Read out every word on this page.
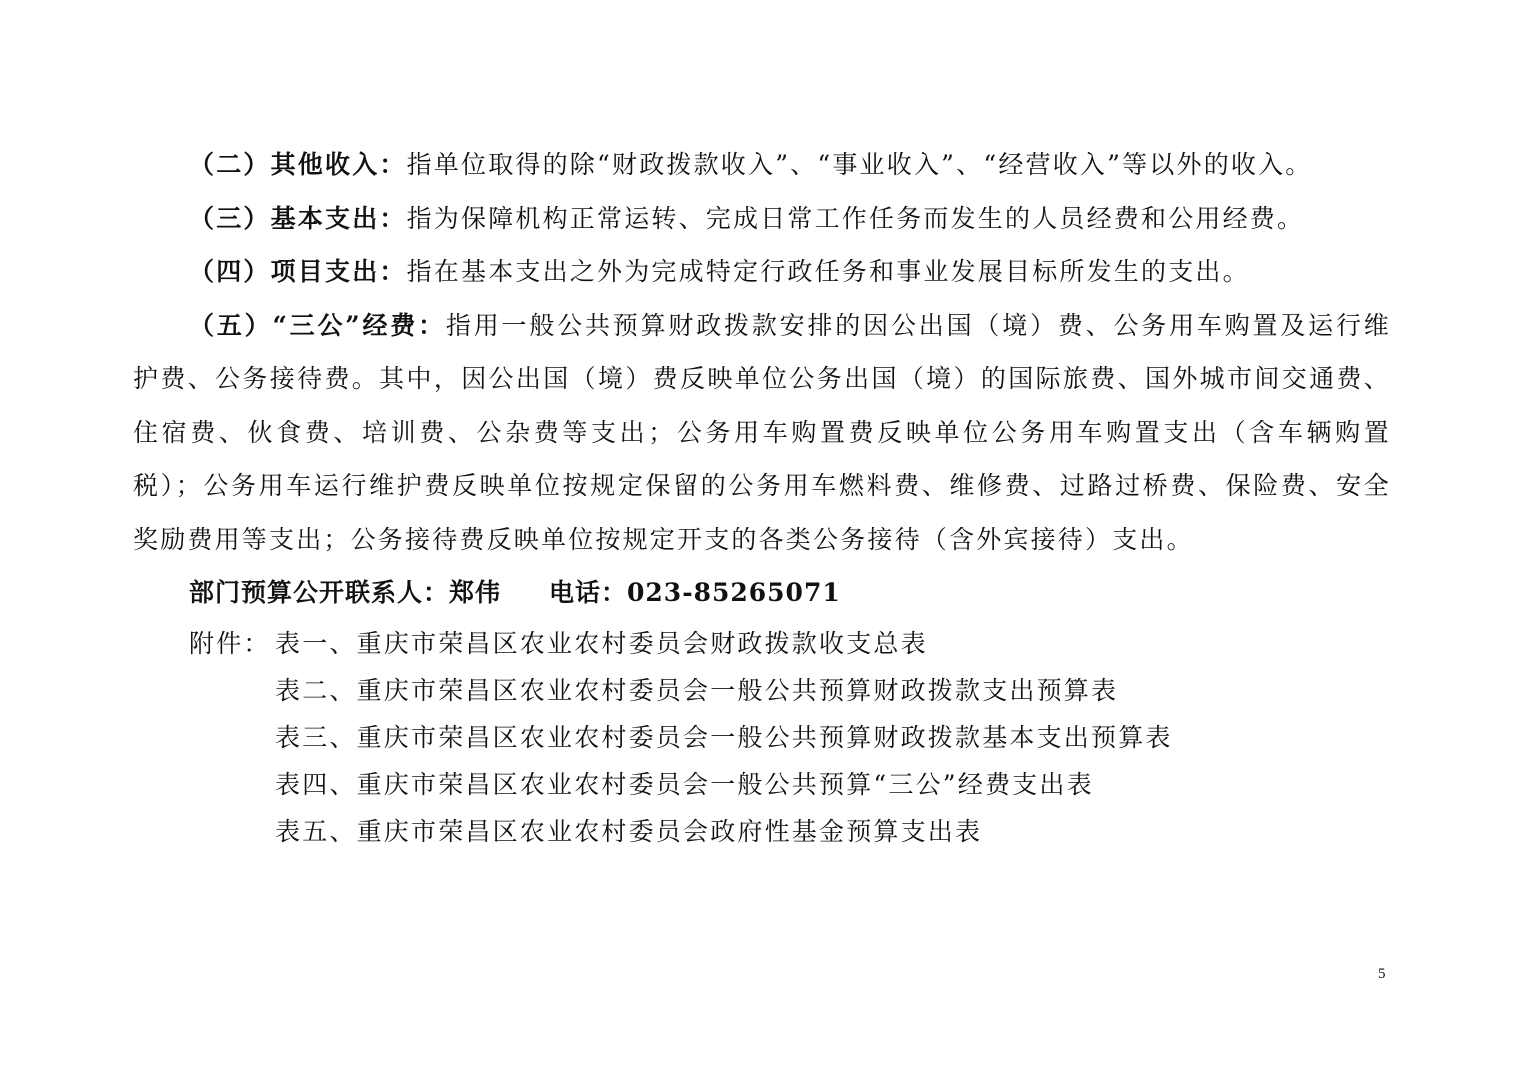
（二）其他收入：指单位取得的除“财政拨款收入”、“事业收入”、“经营收入”等以外的收入。

（三）基本支出：指为保障机构正常运转、完成日常工作任务而发生的人员经费和公用经费。

（四）项目支出：指在基本支出之外为完成特定行政任务和事业发展目标所发生的支出。

（五）“三公”经费：指用一般公共预算财政拨款安排的因公出国（境）费、公务用车购置及运行维护费、公务接待费。其中，因公出国（境）费反映单位公务出国（境）的国际旅费、国外城市间交通费、住宿费、伙食费、培训费、公杂费等支出；公务用车购置费反映单位公务用车购置支出（含车辆购置税）；公务用车运行维护费反映单位按规定保留的公务用车燃料费、维修费、过路过桥费、保险费、安全奖励费用等支出；公务接待费反映单位按规定开支的各类公务接待（含外宾接待）支出。

部门预算公开联系人：郑伟 电话：023-85265071

附件： 表一、重庆市荣昌区农业农村委员会财政拨款收支总表
表二、重庆市荣昌区农业农村委员会一般公共预算财政拨款支出预算表
表三、重庆市荣昌区农业农村委员会一般公共预算财政拨款基本支出预算表
表四、重庆市荣昌区农业农村委员会一般公共预算“三公”经费支出表
表五、重庆市荣昌区农业农村委员会政府性基金预算支出表
5
